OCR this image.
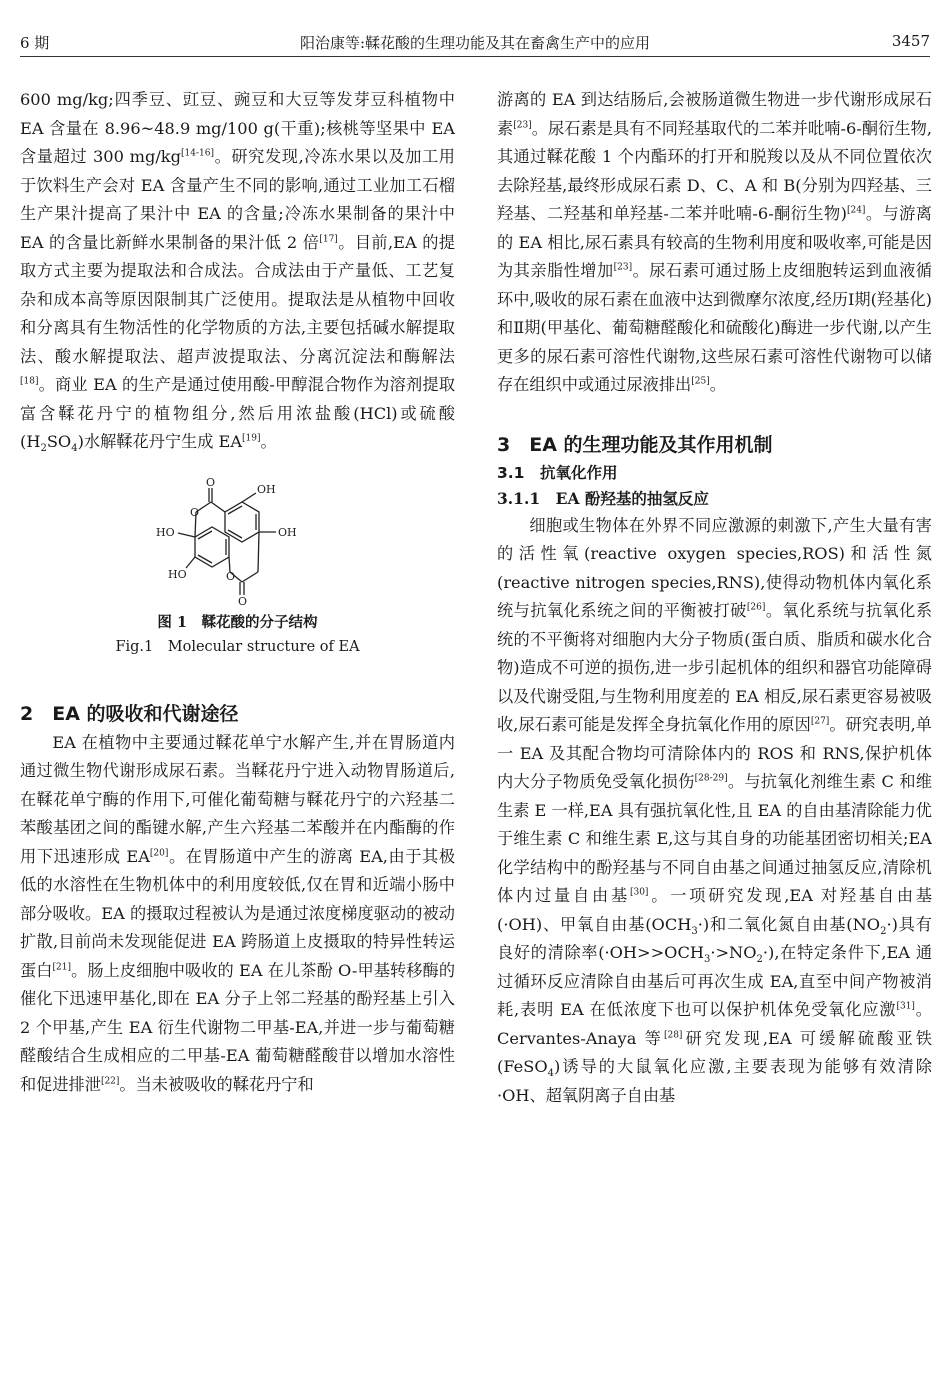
6 期	阳治康等:鞣花酸的生理功能及其在畜禽生产中的应用	3457

600 mg/kg;四季豆、豇豆、豌豆和大豆等发芽豆科植物中 EA 含量在 8.96~48.9 mg/100 g(干重);核桃等坚果中 EA 含量超过 300 mg/kg[14-16]。研究发现,冷冻水果以及加工用于饮料生产会对 EA 含量产生不同的影响,通过工业加工石榴生产果汁提高了果汁中 EA 的含量;冷冻水果制备的果汁中 EA 的含量比新鲜水果制备的果汁低 2 倍[17]。目前,EA 的提取方式主要为提取法和合成法。合成法由于产量低、工艺复杂和成本高等原因限制其广泛使用。提取法是从植物中回收和分离具有生物活性的化学物质的方法,主要包括碱水解提取法、酸水解提取法、超声波提取法、分离沉淀法和酶解法[18]。商业 EA 的生产是通过使用酸-甲醇混合物作为溶剂提取富含鞣花丹宁的植物组分,然后用浓盐酸(HCl)或硫酸$(H_2SO_4)$水解鞣花丹宁生成 EA[19]。

O
O
OH
OH
HO
HO	O
O
图 1　鞣花酸的分子结构
Fig.1　Molecular structure of EA
2　EA 的吸收和代谢途径

EA 在植物中主要通过鞣花单宁水解产生,并在胃肠道内通过微生物代谢形成尿石素。当鞣花丹宁进入动物胃肠道后,在鞣花单宁酶的作用下,可催化葡萄糖与鞣花丹宁的六羟基二苯酸基团之间的酯键水解,产生六羟基二苯酸并在内酯酶的作用下迅速形成 EA[20]。在胃肠道中产生的游离 EA,由于其极低的水溶性在生物机体中的利用度较低,仅在胃和近端小肠中部分吸收。EA 的摄取过程被认为是通过浓度梯度驱动的被动扩散,目前尚未发现能促进 EA 跨肠道上皮摄取的特异性转运蛋白[21]。肠上皮细胞中吸收的 EA 在儿茶酚 O-甲基转移酶的催化下迅速甲基化,即在 EA 分子上邻二羟基的酚羟基上引入 2 个甲基,产生 EA 衍生代谢物二甲基-EA,并进一步与葡萄糖醛酸结合生成相应的二甲基-EA 葡萄糖醛酸苷以增加水溶性和促进排泄[22]。当未被吸收的鞣花丹宁和

游离的 EA 到达结肠后,会被肠道微生物进一步代谢形成尿石素[23]。尿石素是具有不同羟基取代的二苯并吡喃-6-酮衍生物,其通过鞣花酸 1 个内酯环的打开和脱羧以及从不同位置依次去除羟基,最终形成尿石素 D、C、A 和 B(分别为四羟基、三羟基、二羟基和单羟基-二苯并吡喃-6-酮衍生物)[24]。与游离的 EA 相比,尿石素具有较高的生物利用度和吸收率,可能是因为其亲脂性增加[23]。尿石素可通过肠上皮细胞转运到血液循环中,吸收的尿石素在血液中达到微摩尔浓度,经历Ⅰ期(羟基化)和Ⅱ期(甲基化、葡萄糖醛酸化和硫酸化)酶进一步代谢,以产生更多的尿石素可溶性代谢物,这些尿石素可溶性代谢物可以储存在组织中或通过尿液排出[25]。

3　EA 的生理功能及其作用机制
3.1　抗氧化作用
3.1.1　EA 酚羟基的抽氢反应

细胞或生物体在外界不同应激源的刺激下,产生大量有害的活性氧(reactive oxygen species,ROS)和活性氮(reactive nitrogen species,RNS),使得动物机体内氧化系统与抗氧化系统之间的平衡被打破[26]。氧化系统与抗氧化系统的不平衡将对细胞内大分子物质(蛋白质、脂质和碳水化合物)造成不可逆的损伤,进一步引起机体的组织和器官功能障碍以及代谢受阻,与生物利用度差的 EA 相反,尿石素更容易被吸收,尿石素可能是发挥全身抗氧化作用的原因[27]。研究表明,单一 EA 及其配合物均可清除体内的 ROS 和 RNS,保护机体内大分子物质免受氧化损伤[28-29]。与抗氧化剂维生素 C 和维生素 E 一样,EA 具有强抗氧化性,且 EA 的自由基清除能力优于维生素 C 和维生素 E,这与其自身的功能基团密切相关;EA 化学结构中的酚羟基与不同自由基之间通过抽氢反应,清除机体内过量自由基[30]。一项研究发现,EA 对羟基自由基(·OH)、甲氧自由基$(OCH_3\cdot)$和二氧化氮自由基$(NO_2\cdot)$具有良好的清除率$(\cdot OH>>OCH_3\cdot>NO_2\cdot)$,在特定条件下,EA 通过循环反应清除自由基后可再次生成 EA,直至中间产物被消耗,表明 EA 在低浓度下也可以保护机体免受氧化应激[31]。Cervantes-Anaya 等[28]研究发现,EA 可缓解硫酸亚铁(FeSO$_4$)诱导的大鼠氧化应激,主要表现为能够有效清除·OH、超氧阴离子自由基
